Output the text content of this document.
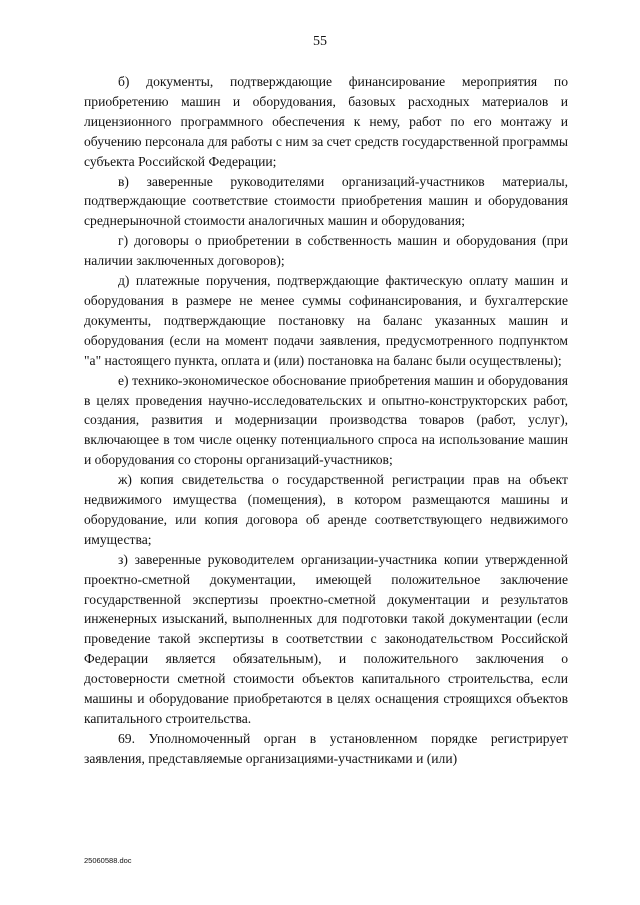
55

б) документы, подтверждающие финансирование мероприятия по приобретению машин и оборудования, базовых расходных материалов и лицензионного программного обеспечения к нему, работ по его монтажу и обучению персонала для работы с ним за счет средств государственной программы субъекта Российской Федерации;

в) заверенные руководителями организаций-участников материалы, подтверждающие соответствие стоимости приобретения машин и оборудования среднерыночной стоимости аналогичных машин и оборудования;

г) договоры о приобретении в собственность машин и оборудования (при наличии заключенных договоров);

д) платежные поручения, подтверждающие фактическую оплату машин и оборудования в размере не менее суммы софинансирования, и бухгалтерские документы, подтверждающие постановку на баланс указанных машин и оборудования (если на момент подачи заявления, предусмотренного подпунктом "а" настоящего пункта, оплата и (или) постановка на баланс были осуществлены);

е) технико-экономическое обоснование приобретения машин и оборудования в целях проведения научно-исследовательских и опытно-конструкторских работ, создания, развития и модернизации производства товаров (работ, услуг), включающее в том числе оценку потенциального спроса на использование машин и оборудования со стороны организаций-участников;

ж) копия свидетельства о государственной регистрации прав на объект недвижимого имущества (помещения), в котором размещаются машины и оборудование, или копия договора об аренде соответствующего недвижимого имущества;

з) заверенные руководителем организации-участника копии утвержденной проектно-сметной документации, имеющей положительное заключение государственной экспертизы проектно-сметной документации и результатов инженерных изысканий, выполненных для подготовки такой документации (если проведение такой экспертизы в соответствии с законодательством Российской Федерации является обязательным), и положительного заключения о достоверности сметной стоимости объектов капитального строительства, если машины и оборудование приобретаются в целях оснащения строящихся объектов капитального строительства.

69. Уполномоченный орган в установленном порядке регистрирует заявления, представляемые организациями-участниками и (или)

25060588.doc
